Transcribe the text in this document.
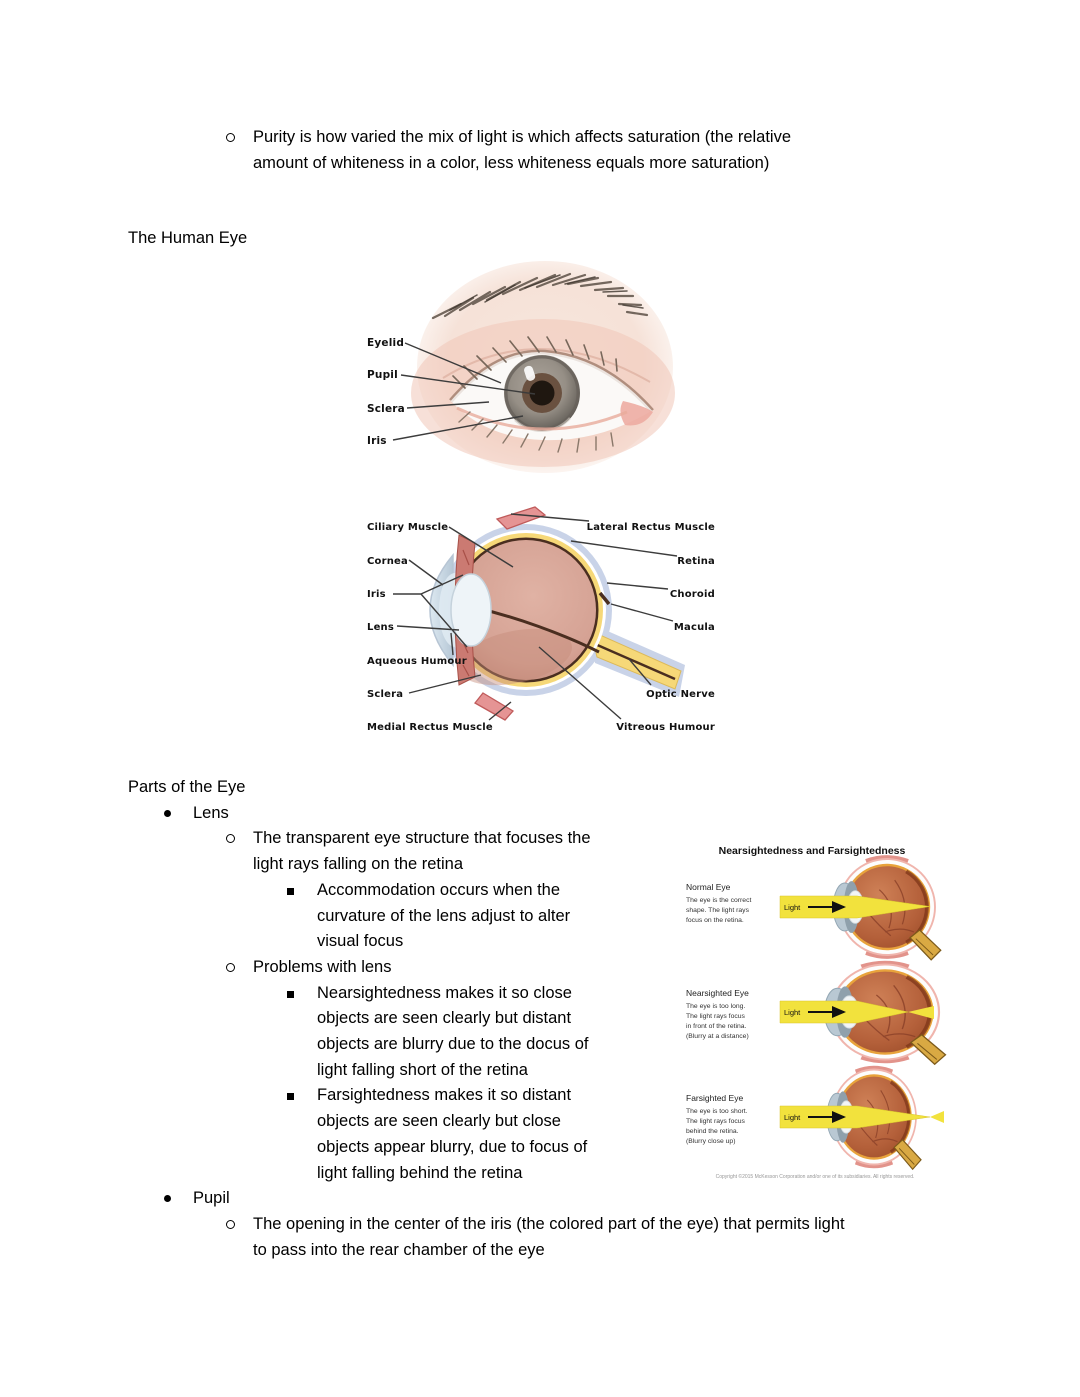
Purity is how varied the mix of light is which affects saturation (the relative
amount of whiteness in a color, less whiteness equals more saturation)
The Human Eye
Eyelid
Pupil
Sclera
Iris
Ciliary Muscle
Cornea
Iris
Lens
Aqueous Humour
Sclera
Medial Rectus Muscle
Lateral Rectus Muscle
Retina
Choroid
Macula
Optic Nerve
Vitreous Humour
Parts of the Eye
Lens
The transparent eye structure that focuses the
light rays falling on the retina
Accommodation occurs when the
curvature of the lens adjust to alter
visual focus
Problems with lens
Nearsightedness makes it so close
objects are seen clearly but distant
objects are blurry due to the docus of
light falling short of the retina
Farsightedness makes it so distant
objects are seen clearly but close
objects appear blurry, due to focus of
light falling behind the retina
Pupil
The opening in the center of the iris (the colored part of the eye) that permits light
to pass into the rear chamber of the eye
Nearsightedness and Farsightedness
Light
Normal Eye
The eye is the correct
shape. The light rays
focus on the retina.
Light
Nearsighted Eye
The eye is too long.
The light rays focus
in front of the retina.
(Blurry at a distance)
Light
Farsighted Eye
The eye is too short.
The light rays focus
behind the retina.
(Blurry close up)
Copyright ©2015 McKesson Corporation and/or one of its subsidiaries. All rights reserved.
